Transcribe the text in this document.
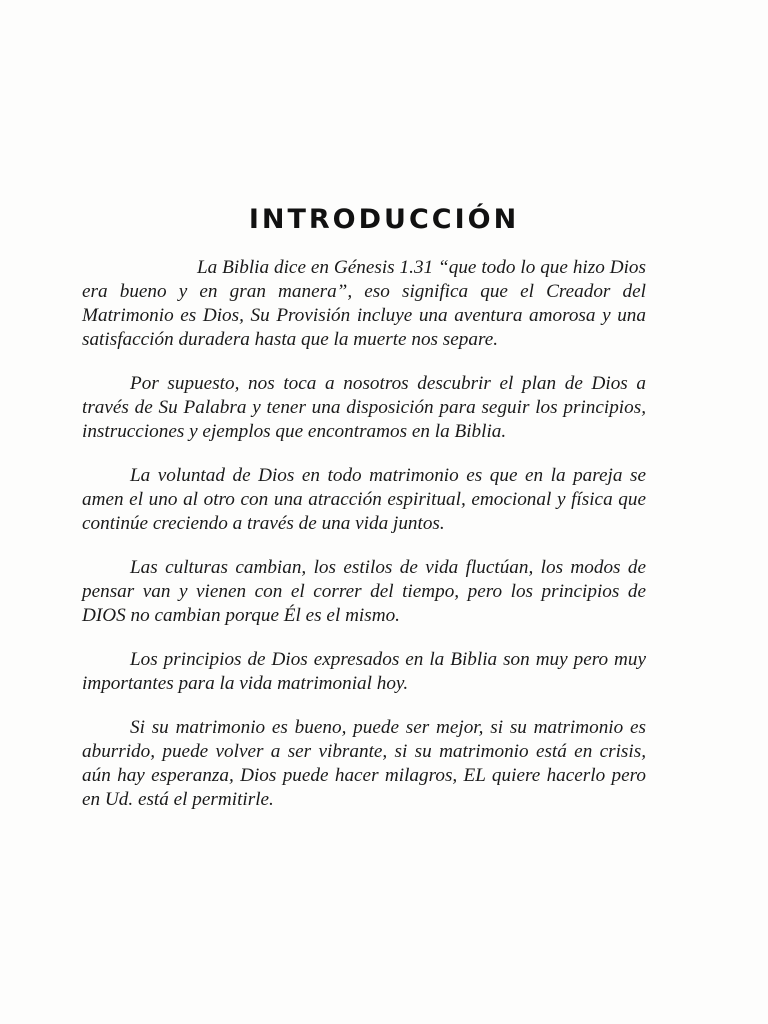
INTRODUCCIÓN

La Biblia dice en Génesis 1.31 “que todo lo que hizo Dios era bueno y en gran manera”, eso significa que el Creador del Matrimonio es Dios, Su Provisión incluye una aventura amorosa y una satisfacción duradera hasta que la muerte nos separe.

Por supuesto, nos toca a nosotros descubrir el plan de Dios a través de Su Palabra y tener una disposición para seguir los principios, instrucciones y ejemplos que encontramos en la Biblia.

La voluntad de Dios en todo matrimonio es que en la pareja se amen el uno al otro con una atracción espiritual, emocional y física que continúe creciendo a través de una vida juntos.

Las culturas cambian, los estilos de vida fluctúan, los modos de pensar van y vienen con el correr del tiempo, pero los principios de DIOS no cambian porque Él es el mismo.

Los principios de Dios expresados en la Biblia son muy pero muy importantes para la vida matrimonial hoy.

Si su matrimonio es bueno, puede ser mejor, si su matrimonio es aburrido, puede volver a ser vibrante, si su matrimonio está en crisis, aún hay esperanza, Dios puede hacer milagros, EL quiere hacerlo pero en Ud. está el permitirle.
